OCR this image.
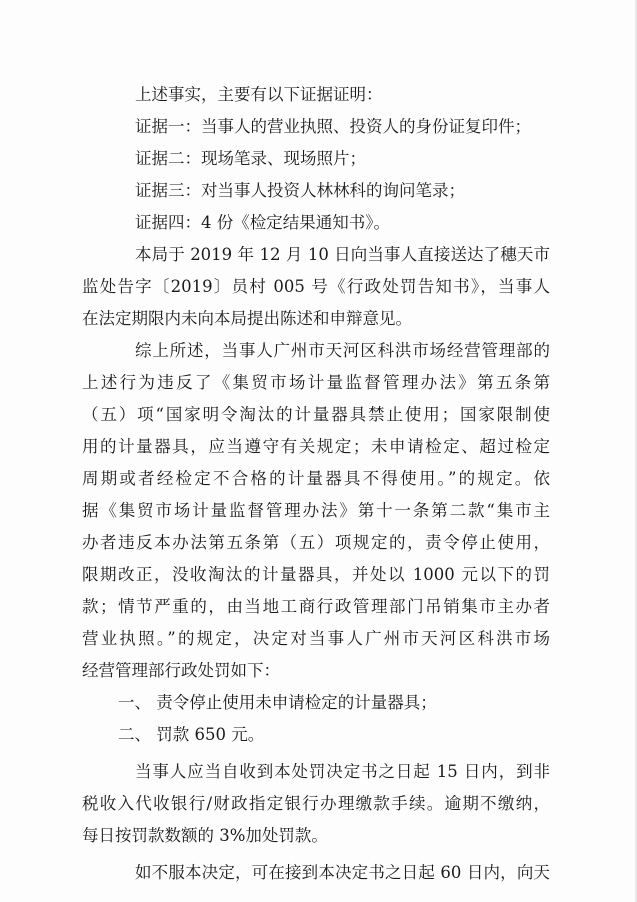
上述事实，主要有以下证据证明：
证据一：当事人的营业执照、投资人的身份证复印件；
证据二：现场笔录、现场照片；
证据三：对当事人投资人林林科的询问笔录；
证据四：4 份《检定结果通知书》。
本局于 2019 年 12 月 10 日向当事人直接送达了穗天市
监处告字〔2019〕员村 005 号《行政处罚告知书》，当事人
在法定期限内未向本局提出陈述和申辩意见。
综上所述，当事人广州市天河区科洪市场经营管理部的
上述行为违反了《集贸市场计量监督管理办法》第五条第
（五）项“国家明令淘汰的计量器具禁止使用；国家限制使
用的计量器具，应当遵守有关规定；未申请检定、超过检定
周期或者经检定不合格的计量器具不得使用。”的规定。依
据《集贸市场计量监督管理办法》第十一条第二款“集市主
办者违反本办法第五条第（五）项规定的，责令停止使用，
限期改正，没收淘汰的计量器具，并处以 1000 元以下的罚
款；情节严重的，由当地工商行政管理部门吊销集市主办者
营业执照。”的规定，决定对当事人广州市天河区科洪市场
经营管理部行政处罚如下：
一、 责令停止使用未申请检定的计量器具；
二、 罚款 650 元。
当事人应当自收到本处罚决定书之日起 15 日内，到非
税收入代收银行/财政指定银行办理缴款手续。逾期不缴纳，
每日按罚款数额的 3%加处罚款。
如不服本决定，可在接到本决定书之日起 60 日内，向天
